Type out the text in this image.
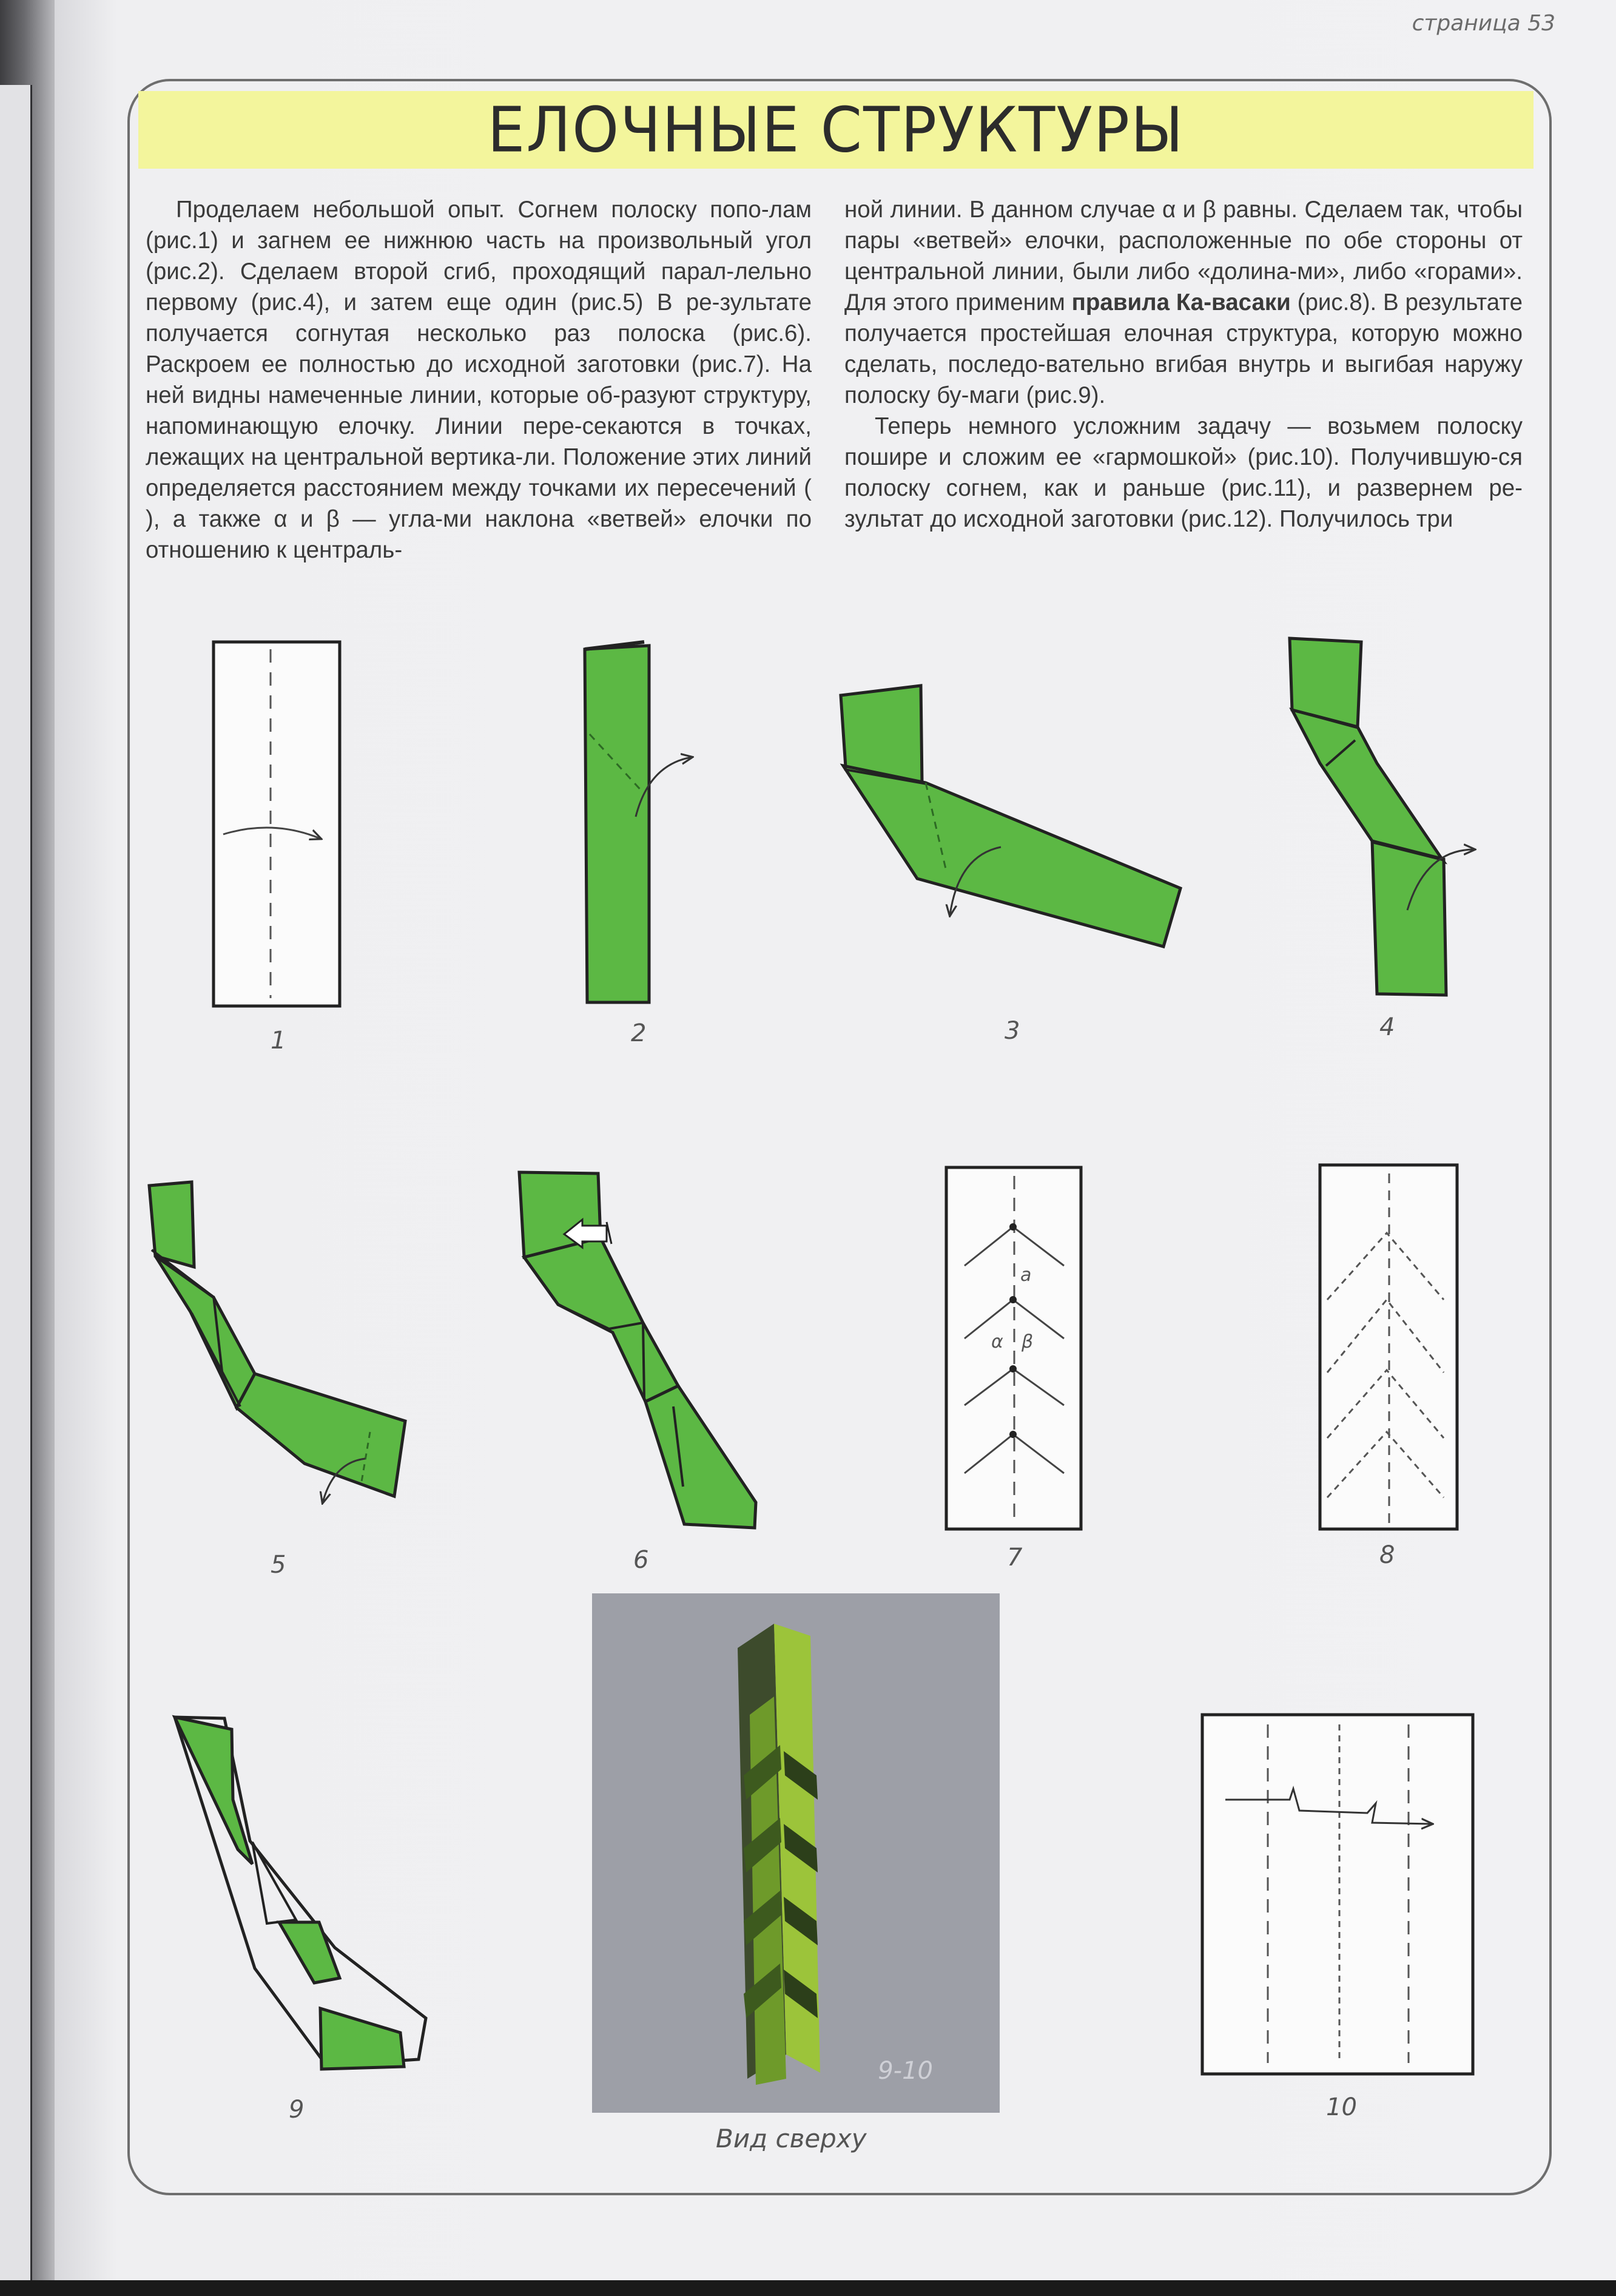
страница 53
ЕЛОЧНЫЕ СТРУКТУРЫ

Проделаем небольшой опыт. Согнем полоску попо-лам (рис.1) и загнем ее нижнюю часть на произвольный угол (рис.2). Сделаем второй сгиб, проходящий парал-лельно первому (рис.4), и затем еще один (рис.5) В ре-зультате получается согнутая несколько раз полоска (рис.6). Раскроем ее полностью до исходной заготовки (рис.7). На ней видны намеченные линии, которые об-разуют структуру, напоминающую елочку. Линии пере-секаются в точках, лежащих на центральной вертика-ли. Положение этих линий определяется расстоянием между точками их пересечений ( ), а также α и β — угла-ми наклона «ветвей» елочки по отношению к централь-

ной линии. В данном случае α и β равны. Сделаем так, чтобы пары «ветвей» елочки, расположенные по обе стороны от центральной линии, были либо «долина-ми», либо «горами». Для этого применим правила Ка-васаки (рис.8). В результате получается простейшая елочная структура, которую можно сделать, последо-вательно вгибая внутрь и выгибая наружу полоску бу-маги (рис.9).

Теперь немного усложним задачу — возьмем полоску пошире и сложим ее «гармошкой» (рис.10). Получившую-ся полоску согнем, как и раньше (рис.11), и развернем ре-зультат до исходной заготовки (рис.12). Получилось три

1	2	3	4
5	6	7	8
9	10
a
α β
9-10
Вид сверху
